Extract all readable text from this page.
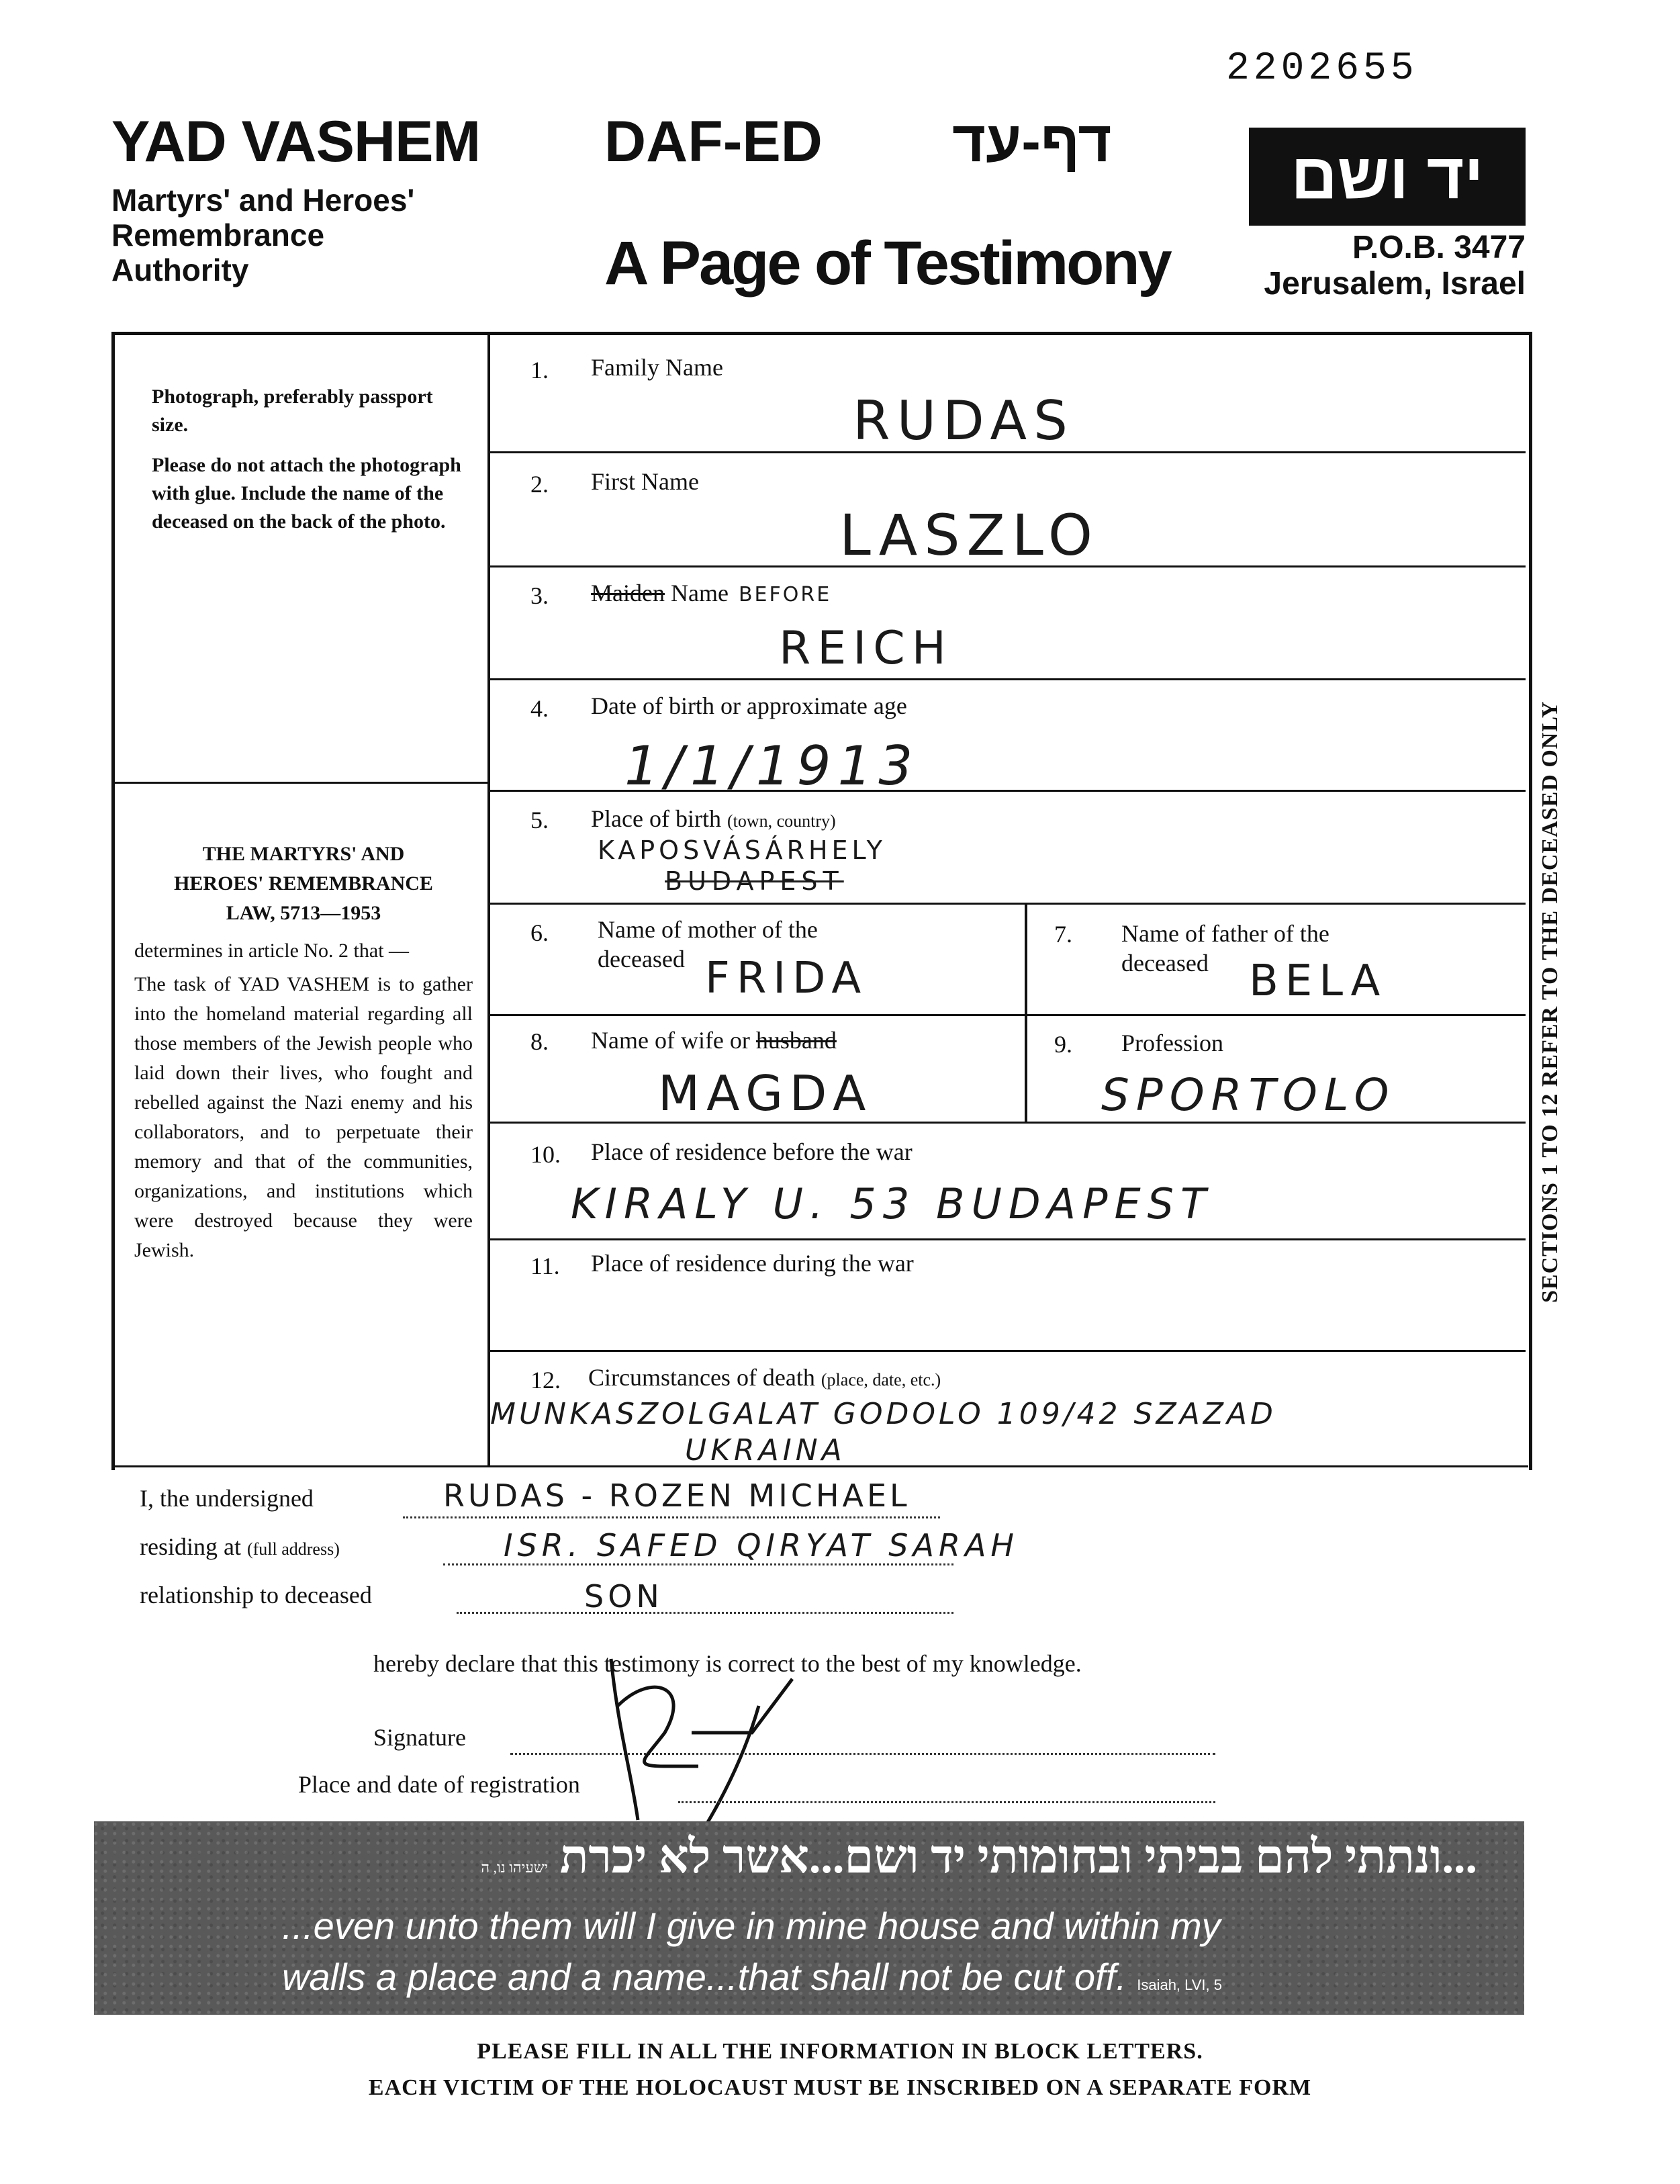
2202655
YAD VASHEM
Martyrs' and Heroes'
Remembrance
Authority
DAF-ED דף-עד
A Page of Testimony
יד ושם
P.O.B. 3477
Jerusalem, Israel

Photograph, preferably passport size.

Please do not attach the photograph with glue. Include the name of the deceased on the back of the photo.

THE MARTYRS' AND
HEROES' REMEMBRANCE
LAW, 5713—1953
determines in article No. 2 that —
The task of YAD VASHEM is to gather into the homeland material regarding all those members of the Jewish people who laid down their lives, who fought and rebelled against the Nazi enemy and his collaborators, and to perpetuate their memory and that of the communities, organizations, and institutions which were destroyed because they were Jewish.	SECTIONS 1 TO 12 REFER TO THE DECEASED ONLY
1. Family Name
RUDAS
2. First Name
LASZLO
3. Maiden Name BEFORE
REICH
4. Date of birth or approximate age
1/1/1913
5. Place of birth (town, country)
KAPOSVÁSÁRHELY
BUDAPEST
6. Name of mother of the
deceased FRIDA
7. Name of father of the
deceased BELA
8. Name of wife or husband
MAGDA
9. Profession
SPORTOLO
10. Place of residence before the war
KIRALY U. 53 BUDAPEST
11. Place of residence during the war
12. Circumstances of death (place, date, etc.)
MUNKASZOLGALAT GODOLO 109/42 SZAZAD
UKRAINA
I, the undersigned	RUDAS - ROZEN MICHAEL
residing at (full address)	ISR. SAFED QIRYAT SARAH
relationship to deceased	SON
hereby declare that this testimony is correct to the best of my knowledge.
Signature
Place and date of registration
...ונתתי להם בביתי ובחומותי יד ושם...אשר לא יכרת ישעיהו נו, ה
...even unto them will I give in mine house and within my
walls a place and a name...that shall not be cut off. Isaiah, LVI, 5
PLEASE FILL IN ALL THE INFORMATION IN BLOCK LETTERS.
EACH VICTIM OF THE HOLOCAUST MUST BE INSCRIBED ON A SEPARATE FORM
